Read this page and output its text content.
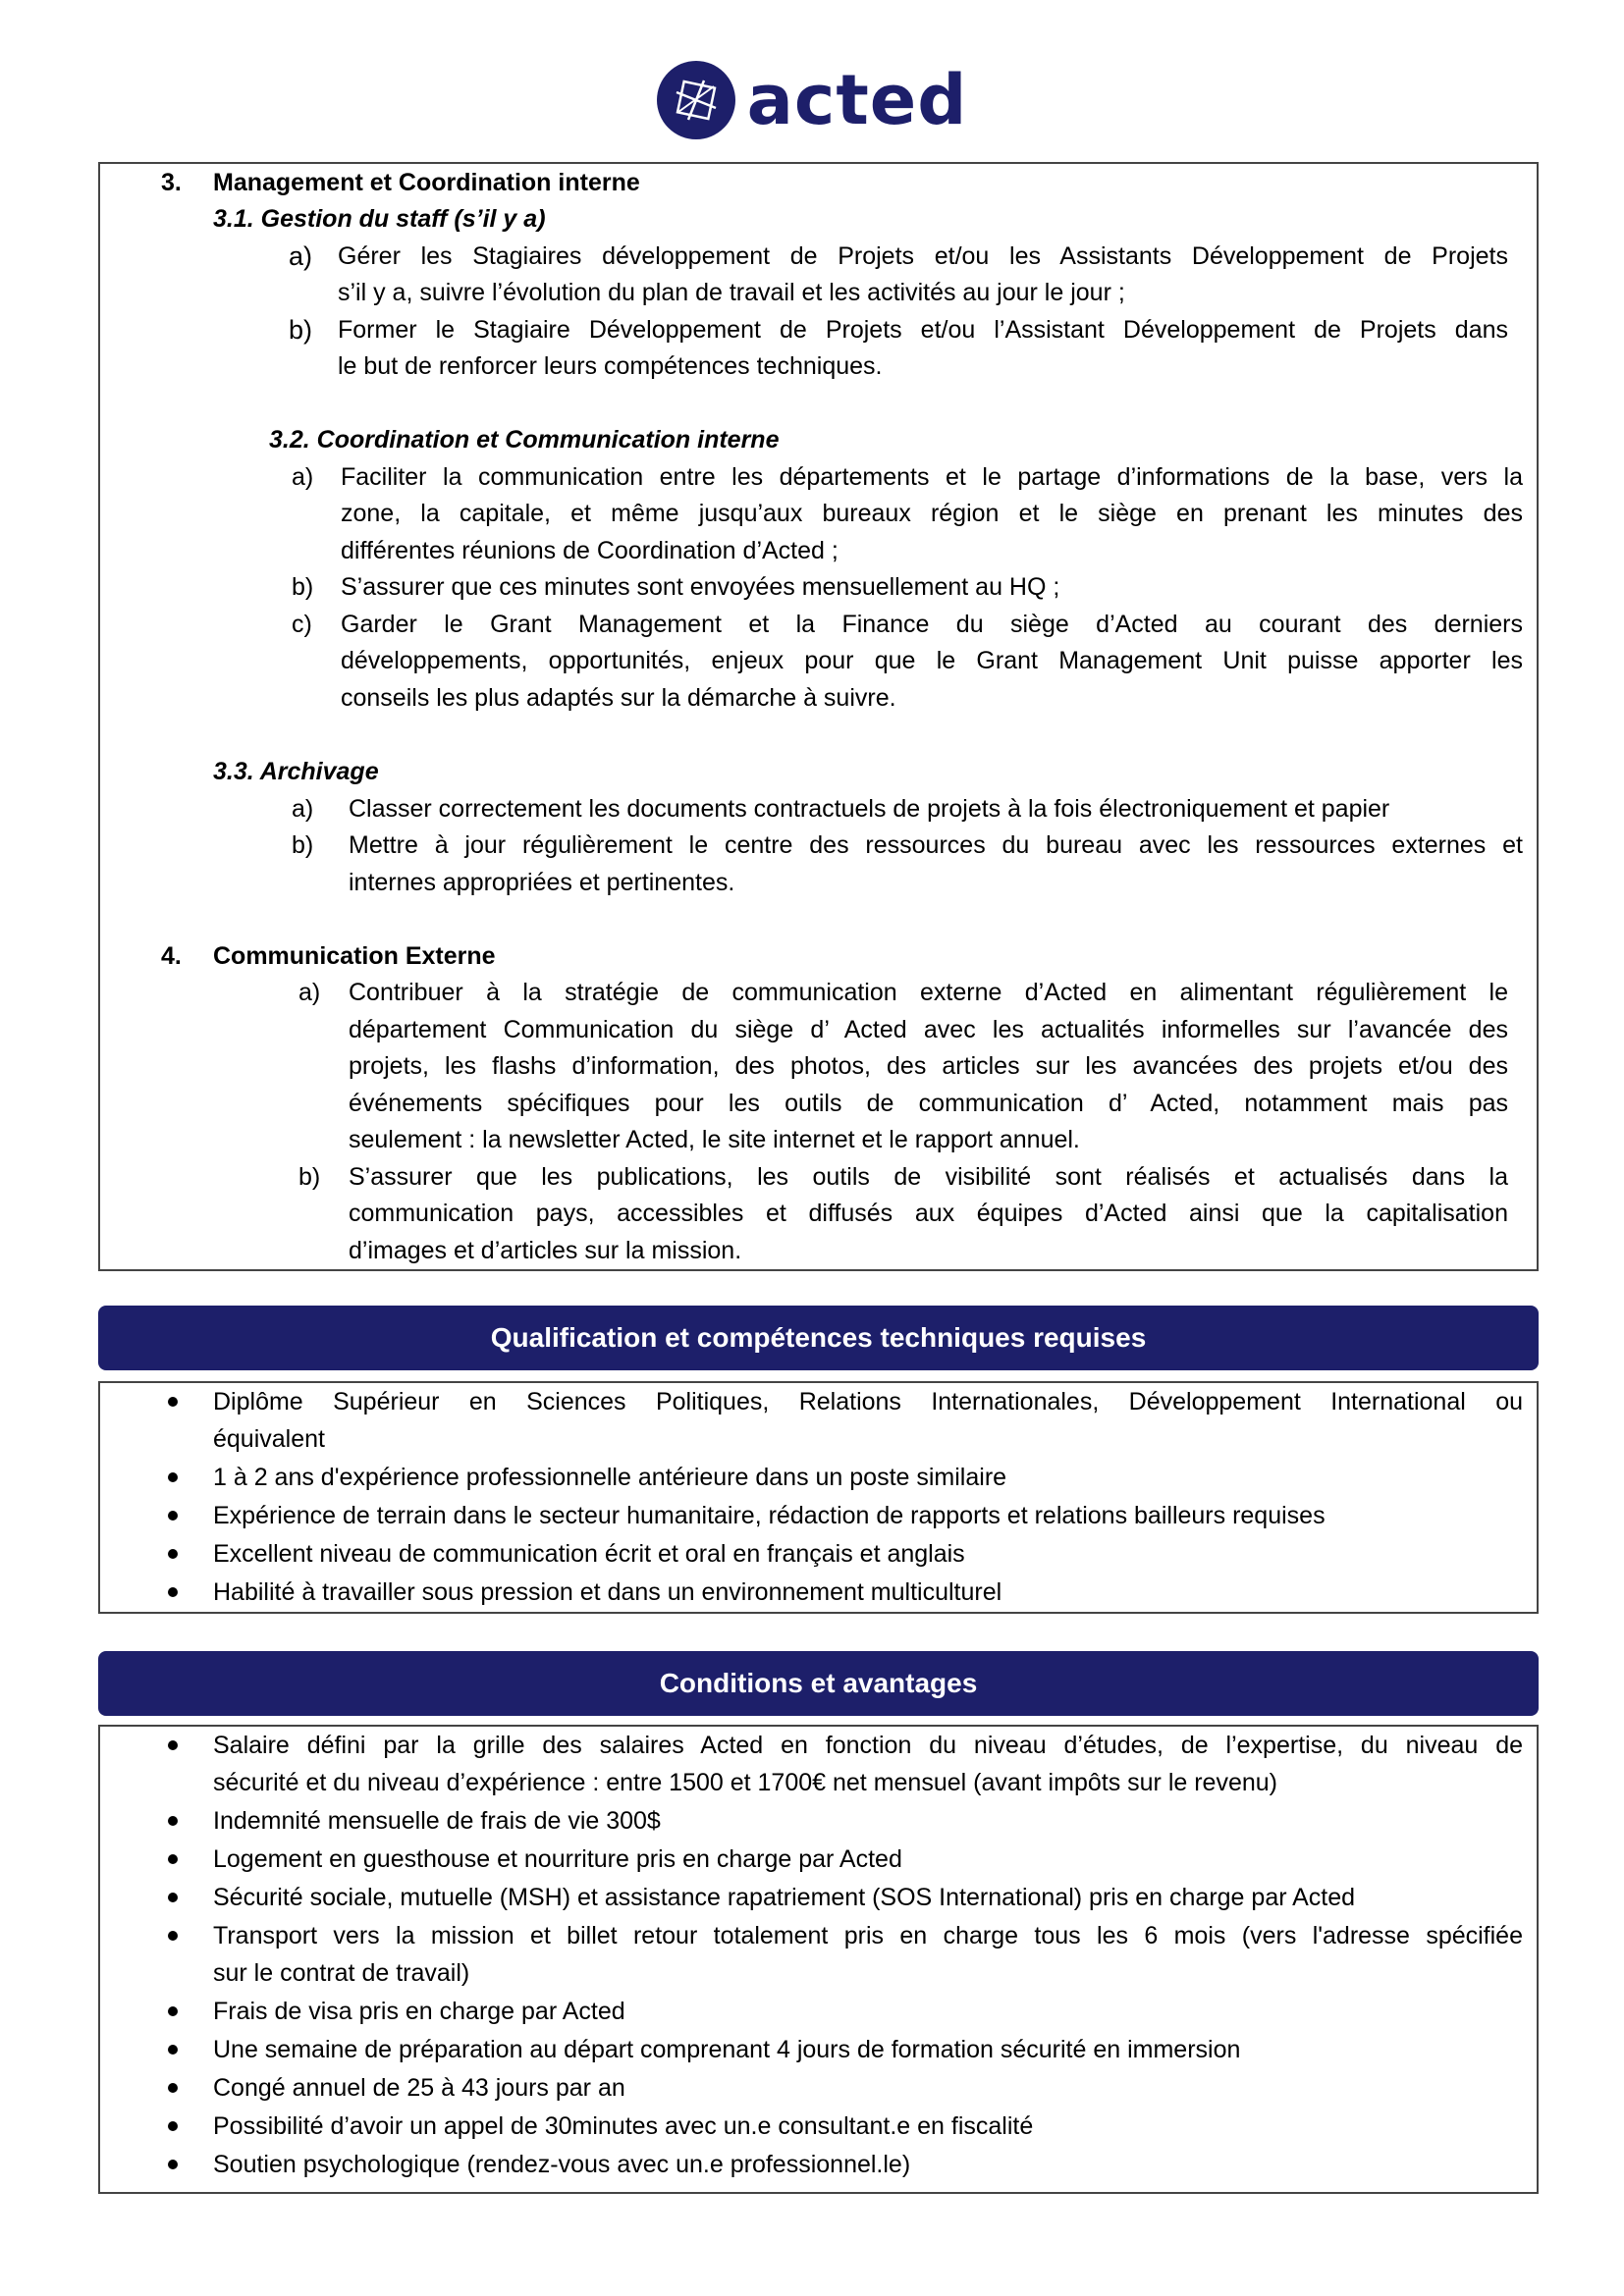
acted
3. Management et Coordination interne
3.1. Gestion du staff (s’il y a)
a) Gérer les Stagiaires développement de Projets et/ou les Assistants Développement de Projets
s’il y a, suivre l’évolution du plan de travail et les activités au jour le jour ;
b) Former le Stagiaire Développement de Projets et/ou l’Assistant Développement de Projets dans
le but de renforcer leurs compétences techniques.
3.2. Coordination et Communication interne
a) Faciliter la communication entre les départements et le partage d’informations de la base, vers la
zone, la capitale, et même jusqu’aux bureaux région et le siège en prenant les minutes des
différentes réunions de Coordination d’Acted ;
b) S’assurer que ces minutes sont envoyées mensuellement au HQ ;
c) Garder le Grant Management et la Finance du siège d’Acted au courant des derniers
développements, opportunités, enjeux pour que le Grant Management Unit puisse apporter les
conseils les plus adaptés sur la démarche à suivre.
3.3. Archivage
a) Classer correctement les documents contractuels de projets à la fois électroniquement et papier
b) Mettre à jour régulièrement le centre des ressources du bureau avec les ressources externes et
internes appropriées et pertinentes.
4. Communication Externe
a) Contribuer à la stratégie de communication externe d’Acted en alimentant régulièrement le
département Communication du siège d’ Acted avec les actualités informelles sur l’avancée des
projets, les flashs d’information, des photos, des articles sur les avancées des projets et/ou des
événements spécifiques pour les outils de communication d’ Acted, notamment mais pas
seulement : la newsletter Acted, le site internet et le rapport annuel.
b) S’assurer que les publications, les outils de visibilité sont réalisés et actualisés dans la
communication pays, accessibles et diffusés aux équipes d’Acted ainsi que la capitalisation
d’images et d’articles sur la mission.
Qualification et compétences techniques requises
Diplôme Supérieur en Sciences Politiques, Relations Internationales, Développement International ou
équivalent
1 à 2 ans d'expérience professionnelle antérieure dans un poste similaire
Expérience de terrain dans le secteur humanitaire, rédaction de rapports et relations bailleurs requises
Excellent niveau de communication écrit et oral en français et anglais
Habilité à travailler sous pression et dans un environnement multiculturel
Conditions et avantages
Salaire défini par la grille des salaires Acted en fonction du niveau d’études, de l’expertise, du niveau de
sécurité et du niveau d’expérience : entre 1500 et 1700€ net mensuel (avant impôts sur le revenu)
Indemnité mensuelle de frais de vie 300$
Logement en guesthouse et nourriture pris en charge par Acted
Sécurité sociale, mutuelle (MSH) et assistance rapatriement (SOS International) pris en charge par Acted
Transport vers la mission et billet retour totalement pris en charge tous les 6 mois (vers l'adresse spécifiée
sur le contrat de travail)
Frais de visa pris en charge par Acted
Une semaine de préparation au départ comprenant 4 jours de formation sécurité en immersion
Congé annuel de 25 à 43 jours par an
Possibilité d’avoir un appel de 30minutes avec un.e consultant.e en fiscalité
Soutien psychologique (rendez-vous avec un.e professionnel.le)
